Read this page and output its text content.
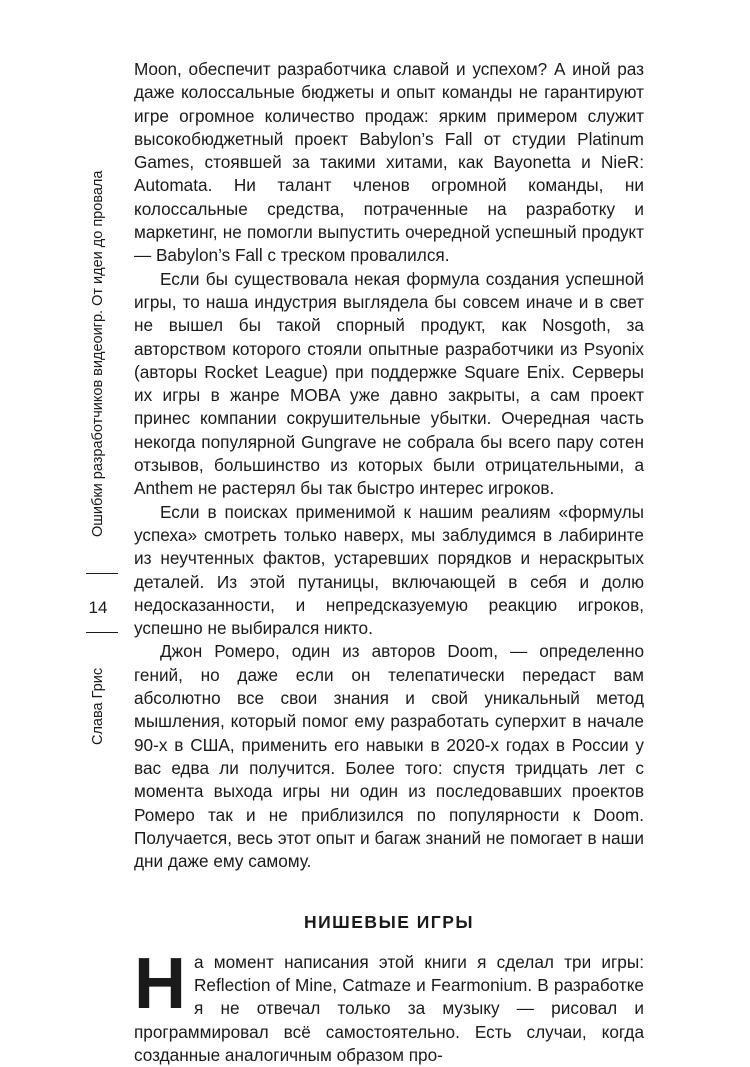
Ошибки разработчиков видеоигр. От идеи до провала
Слава Грис
14

Moon, обеспечит разработчика славой и успехом? А иной раз даже колоссальные бюджеты и опыт команды не гарантируют игре огромное количество продаж: ярким примером служит высокобюджетный проект Babylon’s Fall от студии Platinum Games, стоявшей за такими хитами, как Bayonetta и NieR: Automata. Ни талант членов огромной команды, ни колоссальные средства, потраченные на разработку и маркетинг, не помогли выпустить очередной успешный продукт — Babylon’s Fall с треском провалился.

Если бы существовала некая формула создания успешной игры, то наша индустрия выглядела бы совсем иначе и в свет не вышел бы такой спорный продукт, как Nosgoth, за авторством которого стояли опытные разработчики из Psyonix (авторы Rocket League) при поддержке Square Enix. Серверы их игры в жанре MOBA уже давно закрыты, а сам проект принес компании сокрушительные убытки. Очередная часть некогда популярной Gungrave не собрала бы всего пару сотен отзывов, большинство из которых были отрицательными, а Anthem не растерял бы так быстро интерес игроков.

Если в поисках применимой к нашим реалиям «формулы успеха» смотреть только наверх, мы заблудимся в лабиринте из неучтенных фактов, устаревших порядков и нераскрытых деталей. Из этой путаницы, включающей в себя и долю недосказанности, и непредсказуемую реакцию игроков, успешно не выбирался никто.

Джон Ромеро, один из авторов Doom, — определенно гений, но даже если он телепатически передаст вам абсолютно все свои знания и свой уникальный метод мышления, который помог ему разработать суперхит в начале 90-х в США, применить его навыки в 2020-х годах в России у вас едва ли получится. Более того: спустя тридцать лет с момента выхода игры ни один из последовавших проектов Ромеро так и не приблизился по популярности к Doom. Получается, весь этот опыт и багаж знаний не помогает в наши дни даже ему самому.

НИШЕВЫЕ ИГРЫ

На момент написания этой книги я сделал три игры: Reflection of Mine, Catmaze и Fearmonium. В разработке я не отвечал только за музыку — рисовал и программировал всё самостоятельно. Есть случаи, когда созданные аналогичным образом про-
